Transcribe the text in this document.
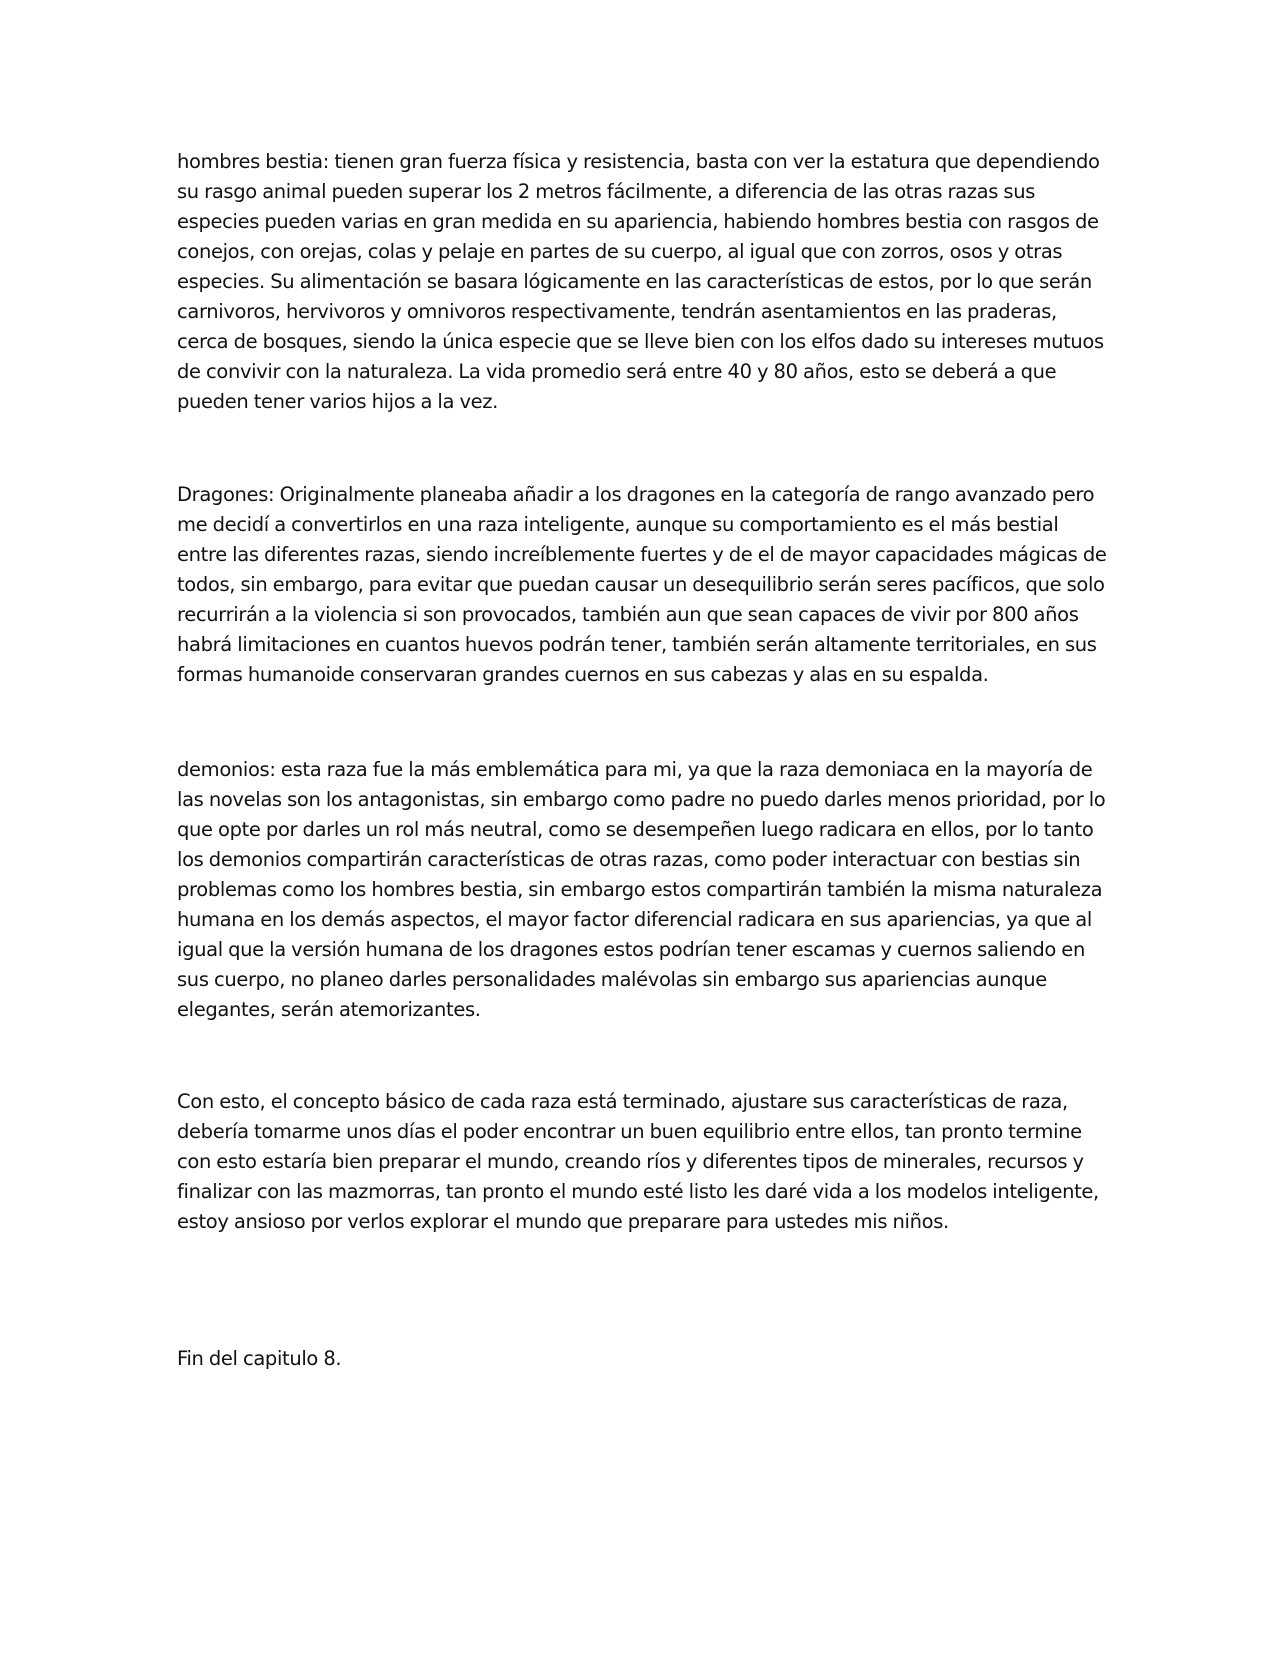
hombres bestia: tienen gran fuerza física y resistencia, basta con ver la estatura que dependiendo su rasgo animal pueden superar los 2 metros fácilmente, a diferencia de las otras razas sus especies pueden varias en gran medida en su apariencia, habiendo hombres bestia con rasgos de conejos, con orejas, colas y pelaje en partes de su cuerpo, al igual que con zorros, osos y otras especies. Su alimentación se basara lógicamente en las características de estos, por lo que serán carnivoros, hervivoros y omnivoros respectivamente, tendrán asentamientos en las praderas, cerca de bosques, siendo la única especie que se lleve bien con los elfos dado su intereses mutuos de convivir con la naturaleza. La vida promedio será entre 40 y 80 años, esto se deberá a que pueden tener varios hijos a la vez.

Dragones: Originalmente planeaba añadir a los dragones en la categoría de rango avanzado pero me decidí a convertirlos en una raza inteligente, aunque su comportamiento es el más bestial entre las diferentes razas, siendo increíblemente fuertes y de el de mayor capacidades mágicas de todos, sin embargo, para evitar que puedan causar un desequilibrio serán seres pacíficos, que solo recurrirán a la violencia si son provocados, también aun que sean capaces de vivir por 800 años habrá limitaciones en cuantos huevos podrán tener, también serán altamente territoriales, en sus formas humanoide conservaran grandes cuernos en sus cabezas y alas en su espalda.

demonios: esta raza fue la más emblemática para mi, ya que la raza demoniaca en la mayoría de las novelas son los antagonistas, sin embargo como padre no puedo darles menos prioridad, por lo que opte por darles un rol más neutral, como se desempeñen luego radicara en ellos, por lo tanto los demonios compartirán características de otras razas, como poder interactuar con bestias sin problemas como los hombres bestia, sin embargo estos compartirán también la misma naturaleza humana en los demás aspectos, el mayor factor diferencial radicara en sus apariencias, ya que al igual que la versión humana de los dragones estos podrían tener escamas y cuernos saliendo en sus cuerpo, no planeo darles personalidades malévolas sin embargo sus apariencias aunque elegantes, serán atemorizantes.

Con esto, el concepto básico de cada raza está terminado, ajustare sus características de raza, debería tomarme unos días el poder encontrar un buen equilibrio entre ellos, tan pronto termine con esto estaría bien preparar el mundo, creando ríos y diferentes tipos de minerales, recursos y finalizar con las mazmorras, tan pronto el mundo esté listo les daré vida a los modelos inteligente, estoy ansioso por verlos explorar el mundo que preparare para ustedes mis niños.

Fin del capitulo 8.
